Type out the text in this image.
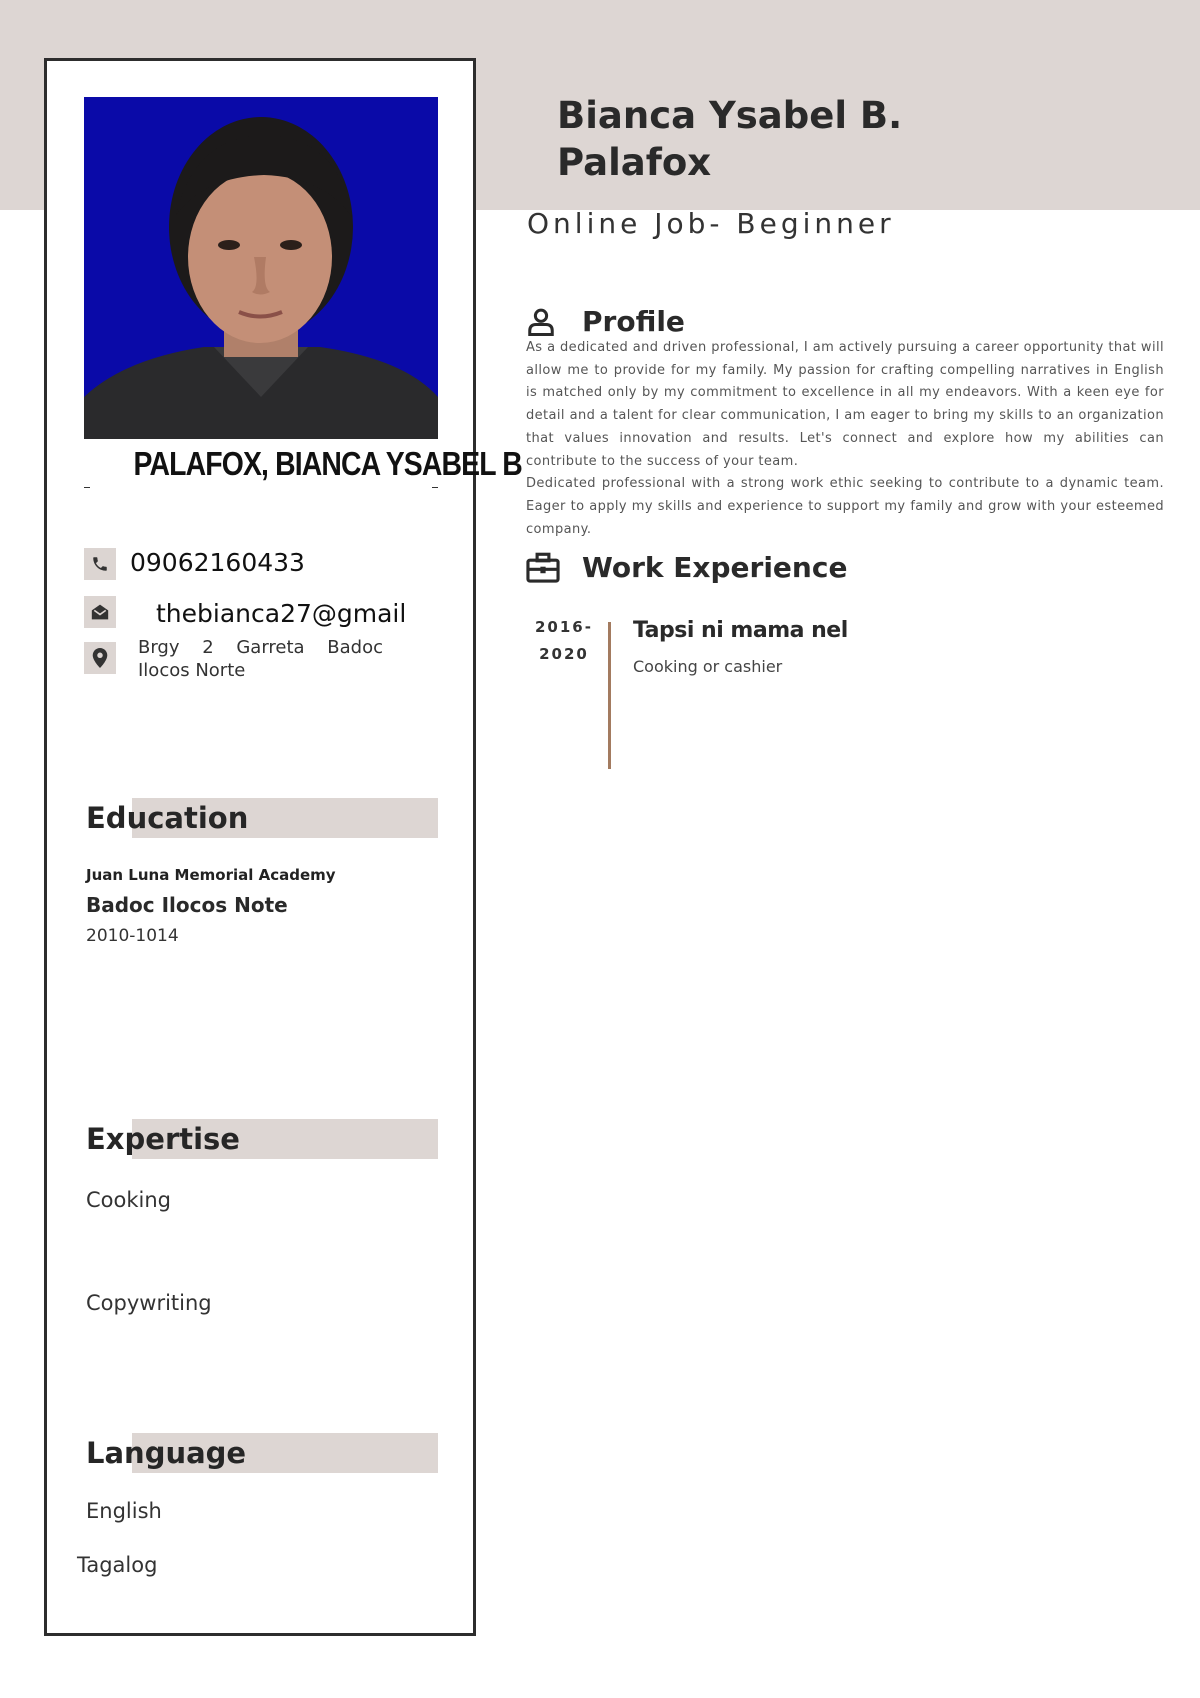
PALAFOX, BIANCA YSABEL B
09062160433
thebianca27@gmail
Brgy 2 Garreta Badoc Ilocos Norte
Education
Juan Luna Memorial Academy
Badoc Ilocos Note
2010-1014
Expertise
Cooking
Copywriting
Language
English
Tagalog
Bianca Ysabel B.
Palafox
Online Job- Beginner
Profile

As a dedicated and driven professional, I am actively pursuing a career opportunity that will allow me to provide for my family. My passion for crafting compelling narratives in English is matched only by my commitment to excellence in all my endeavors. With a keen eye for detail and a talent for clear communication, I am eager to bring my skills to an organization that values innovation and results. Let's connect and explore how my abilities can contribute to the success of your team.

Dedicated professional with a strong work ethic seeking to contribute to a dynamic team. Eager to apply my skills and experience to support my family and grow with your esteemed company.

Work Experience
2016-
2020
Tapsi ni mama nel
Cooking or cashier
